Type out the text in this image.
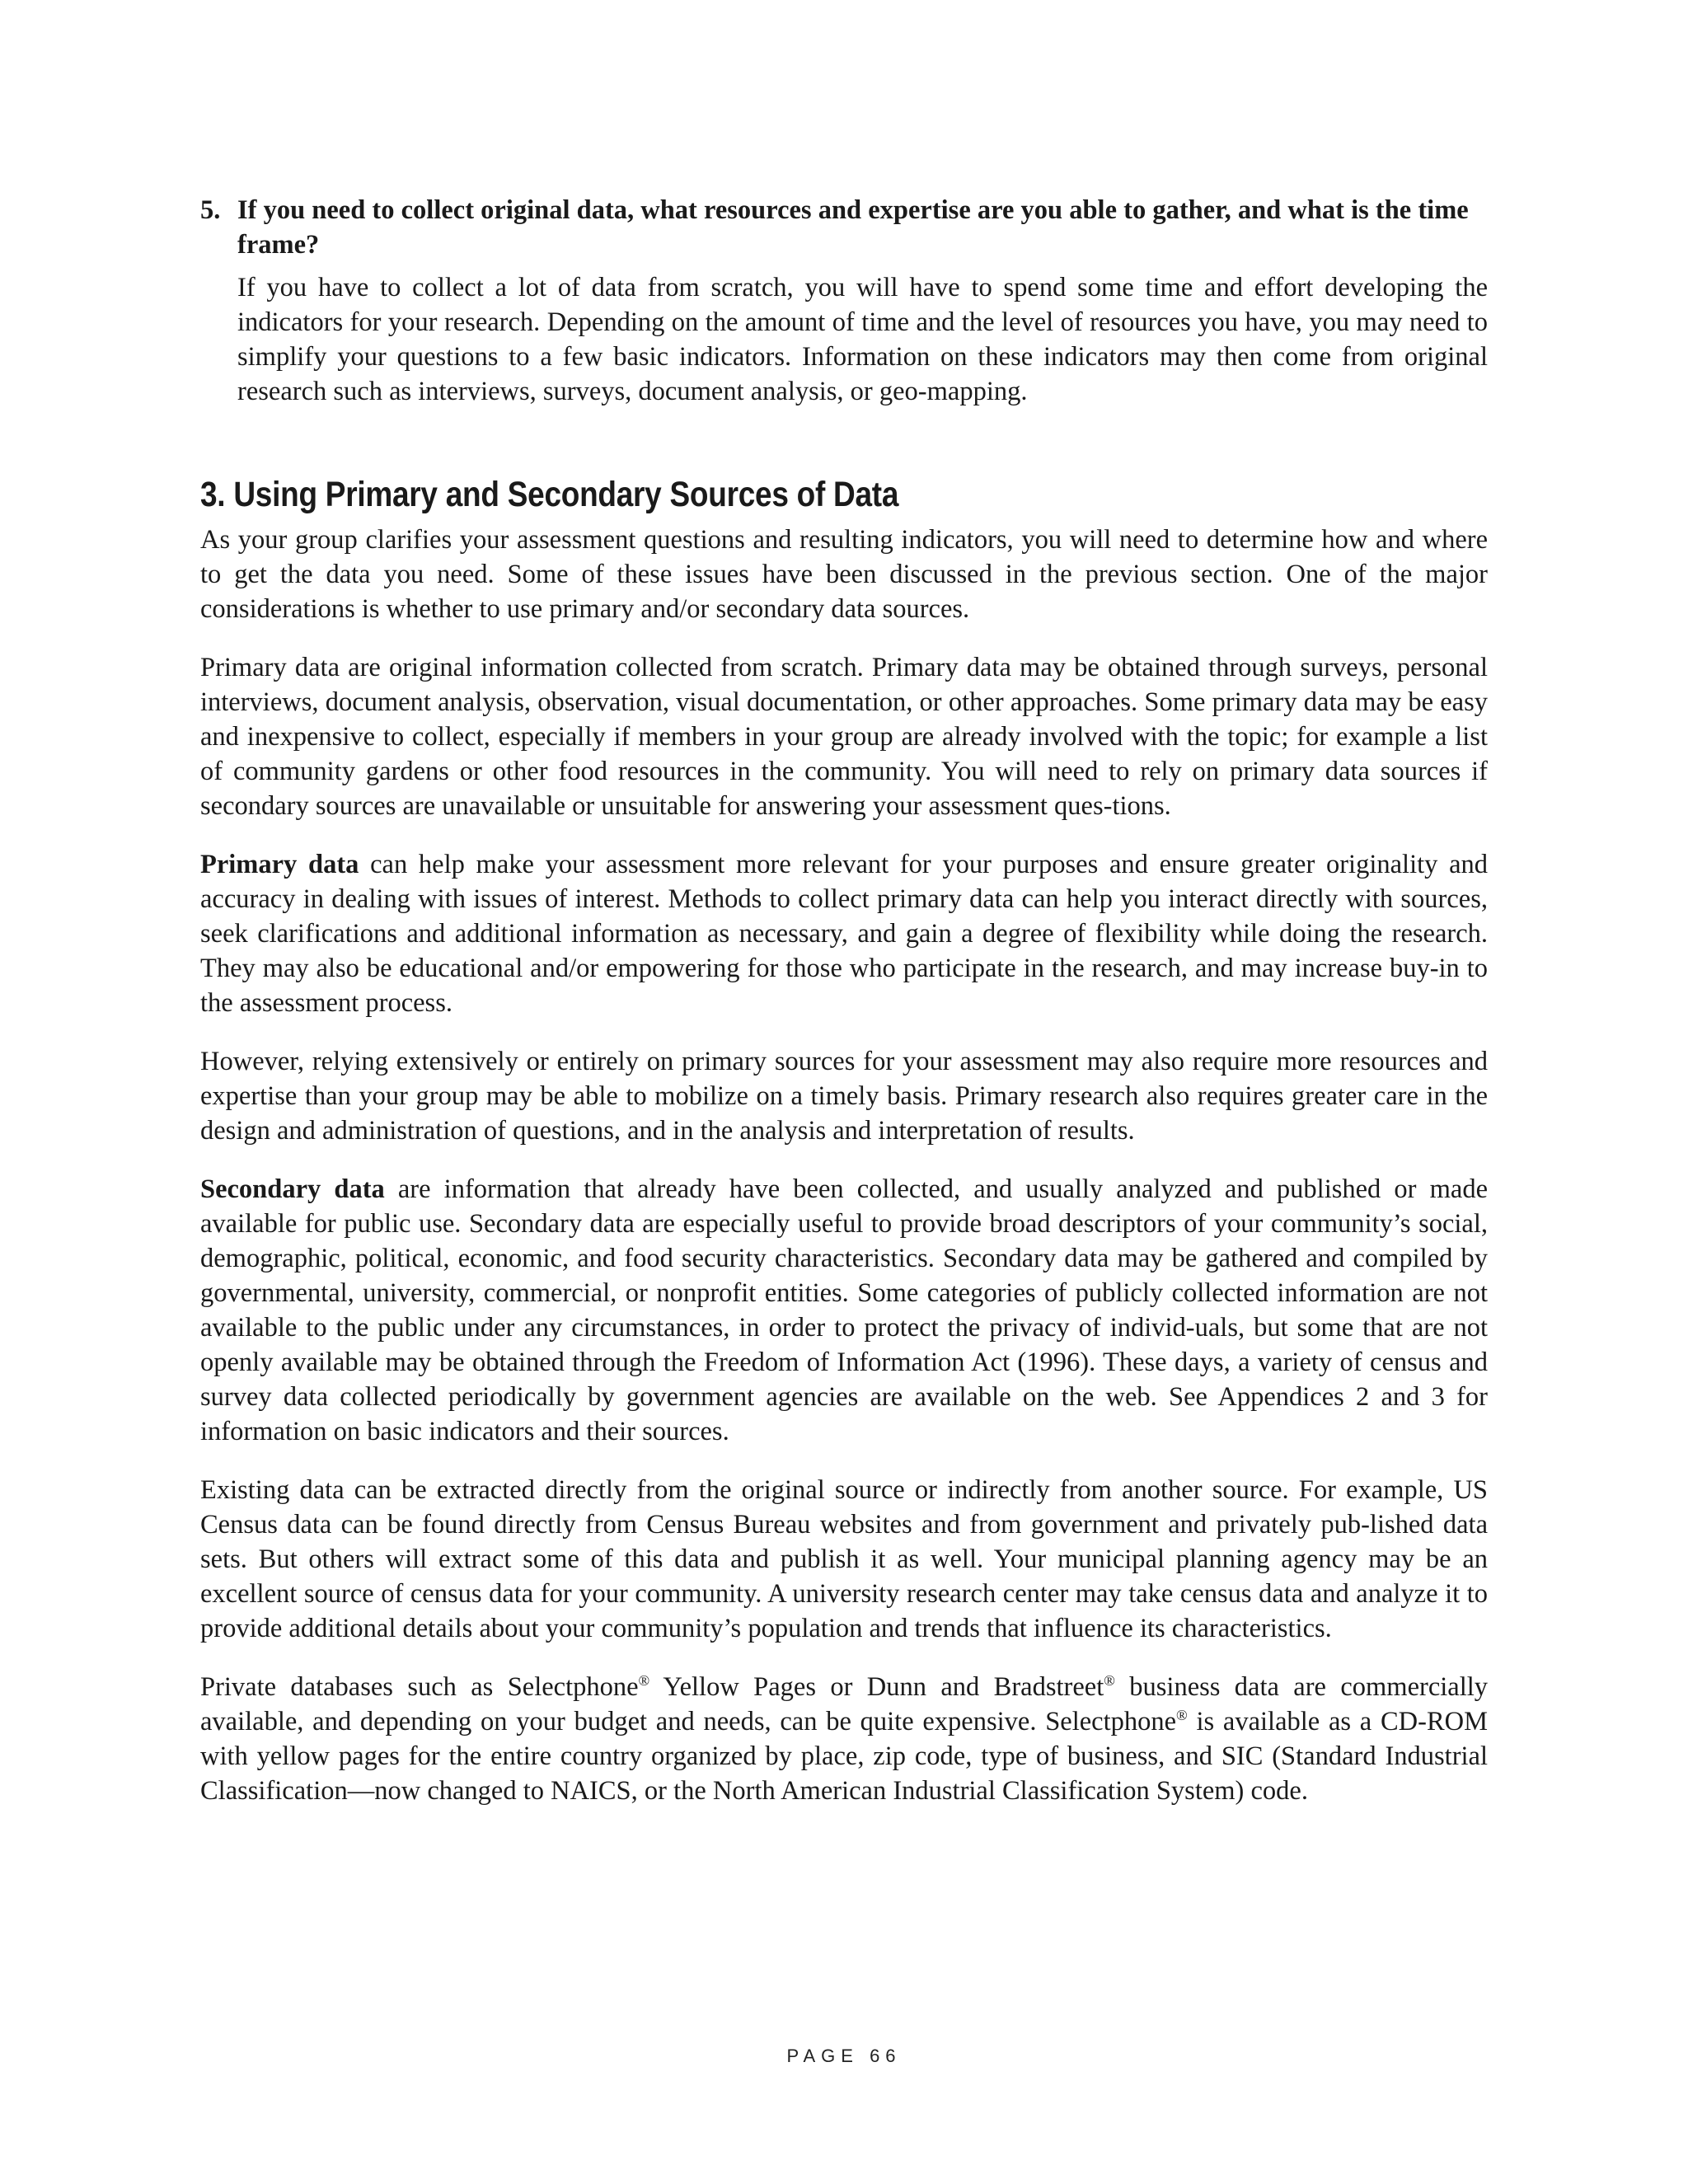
5. If you need to collect original data, what resources and expertise are you able to gather, and what is the time frame?

If you have to collect a lot of data from scratch, you will have to spend some time and effort developing the indicators for your research. Depending on the amount of time and the level of resources you have, you may need to simplify your questions to a few basic indicators. Information on these indicators may then come from original research such as interviews, surveys, document analysis, or geo-mapping.

3. Using Primary and Secondary Sources of Data

As your group clarifies your assessment questions and resulting indicators, you will need to determine how and where to get the data you need. Some of these issues have been discussed in the previous section. One of the major considerations is whether to use primary and/or secondary data sources.

Primary data are original information collected from scratch. Primary data may be obtained through surveys, personal interviews, document analysis, observation, visual documentation, or other approaches. Some primary data may be easy and inexpensive to collect, especially if members in your group are already involved with the topic; for example a list of community gardens or other food resources in the community. You will need to rely on primary data sources if secondary sources are unavailable or unsuitable for answering your assessment ques-tions.

Primary data can help make your assessment more relevant for your purposes and ensure greater originality and accuracy in dealing with issues of interest. Methods to collect primary data can help you interact directly with sources, seek clarifications and additional information as necessary, and gain a degree of flexibility while doing the research. They may also be educational and/or empowering for those who participate in the research, and may increase buy-in to the assessment process.

However, relying extensively or entirely on primary sources for your assessment may also require more resources and expertise than your group may be able to mobilize on a timely basis. Primary research also requires greater care in the design and administration of questions, and in the analysis and interpretation of results.

Secondary data are information that already have been collected, and usually analyzed and published or made available for public use. Secondary data are especially useful to provide broad descriptors of your community’s social, demographic, political, economic, and food security characteristics. Secondary data may be gathered and compiled by governmental, university, commercial, or nonprofit entities. Some categories of publicly collected information are not available to the public under any circumstances, in order to protect the privacy of individ-uals, but some that are not openly available may be obtained through the Freedom of Information Act (1996). These days, a variety of census and survey data collected periodically by government agencies are available on the web. See Appendices 2 and 3 for information on basic indicators and their sources.

Existing data can be extracted directly from the original source or indirectly from another source. For example, US Census data can be found directly from Census Bureau websites and from government and privately pub-lished data sets. But others will extract some of this data and publish it as well. Your municipal planning agency may be an excellent source of census data for your community. A university research center may take census data and analyze it to provide additional details about your community’s population and trends that influence its characteristics.

Private databases such as Selectphone® Yellow Pages or Dunn and Bradstreet® business data are commercially available, and depending on your budget and needs, can be quite expensive. Selectphone® is available as a CD-ROM with yellow pages for the entire country organized by place, zip code, type of business, and SIC (Standard Industrial Classification—now changed to NAICS, or the North American Industrial Classification System) code.

PAGE 66
